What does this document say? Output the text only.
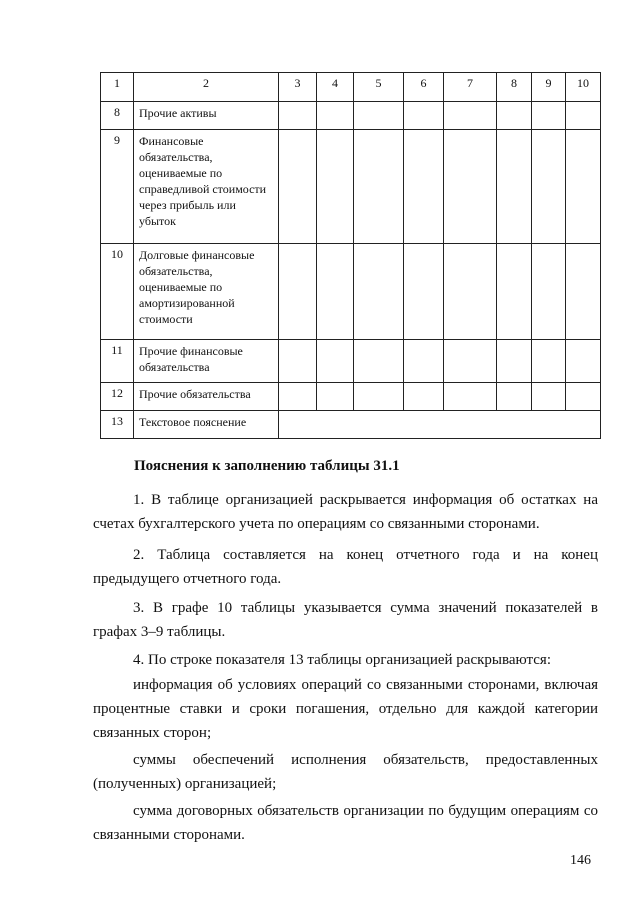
1	2	3	4	5	6	7	8	9	10
8	Прочие активы								
9	Финансовые обязательства, оцениваемые по справедливой стоимости через прибыль или убыток								
10	Долговые финансовые обязательства, оцениваемые по амортизированной стоимости								
11	Прочие финансовые обязательства								
12	Прочие обязательства								
13	Текстовое пояснение								
Пояснения к заполнению таблицы 31.1

1. В таблице организацией раскрывается информация об остатках на счетах бухгалтерского учета по операциям со связанными сторонами.

2. Таблица составляется на конец отчетного года и на конец предыдущего отчетного года.

3. В графе 10 таблицы указывается сумма значений показателей в графах 3–9 таблицы.

4. По строке показателя 13 таблицы организацией раскрываются:

информация об условиях операций со связанными сторонами, включая процентные ставки и сроки погашения, отдельно для каждой категории связанных сторон;

суммы обеспечений исполнения обязательств, предоставленных (полученных) организацией;

сумма договорных обязательств организации по будущим операциям со связанными сторонами.

146
